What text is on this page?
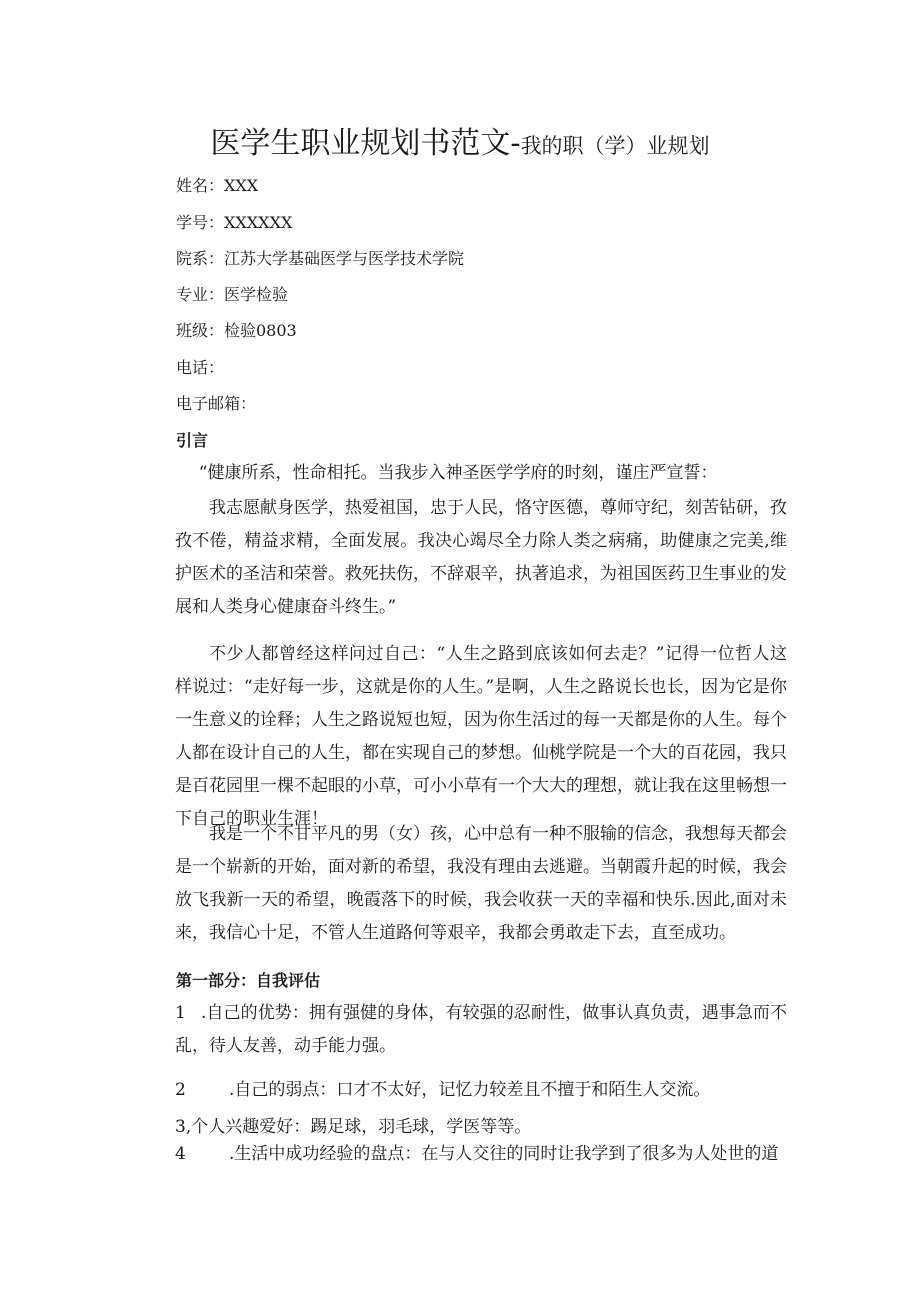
医学生职业规划书范文-我的职（学）业规划
姓名：XXX
学号：XXXXXX
院系：江苏大学基础医学与医学技术学院
专业：医学检验
班级：检验0803
电话：
电子邮箱：
引言

“健康所系，性命相托。当我步入神圣医学学府的时刻，谨庄严宣誓：

我志愿献身医学，热爱祖国，忠于人民，恪守医德，尊师守纪，刻苦钻研，孜孜不倦，精益求精，全面发展。我决心竭尽全力除人类之病痛，助健康之完美,维护医术的圣洁和荣誉。救死扶伤，不辞艰辛，执著追求，为祖国医药卫生事业的发展和人类身心健康奋斗终生。”

不少人都曾经这样问过自己：“人生之路到底该如何去走？”记得一位哲人这样说过：“走好每一步，这就是你的人生。”是啊，人生之路说长也长，因为它是你一生意义的诠释；人生之路说短也短，因为你生活过的每一天都是你的人生。每个人都在设计自己的人生，都在实现自己的梦想。仙桃学院是一个大的百花园，我只是百花园里一棵不起眼的小草，可小小草有一个大大的理想，就让我在这里畅想一下自己的职业生涯！

我是一个不甘平凡的男（女）孩，心中总有一种不服输的信念，我想每天都会是一个崭新的开始，面对新的希望，我没有理由去逃避。当朝霞升起的时候，我会放飞我新一天的希望，晚霞落下的时候，我会收获一天的幸福和快乐.因此,面对未来，我信心十足，不管人生道路何等艰辛，我都会勇敢走下去，直至成功。

第一部分：自我评估

1 .自己的优势：拥有强健的身体，有较强的忍耐性，做事认真负责，遇事急而不乱，待人友善，动手能力强。

2	.自己的弱点：口才不太好，记忆力较差且不擅于和陌生人交流。

3,个人兴趣爱好：踢足球，羽毛球，学医等等。

4	.生活中成功经验的盘点：在与人交往的同时让我学到了很多为人处世的道
